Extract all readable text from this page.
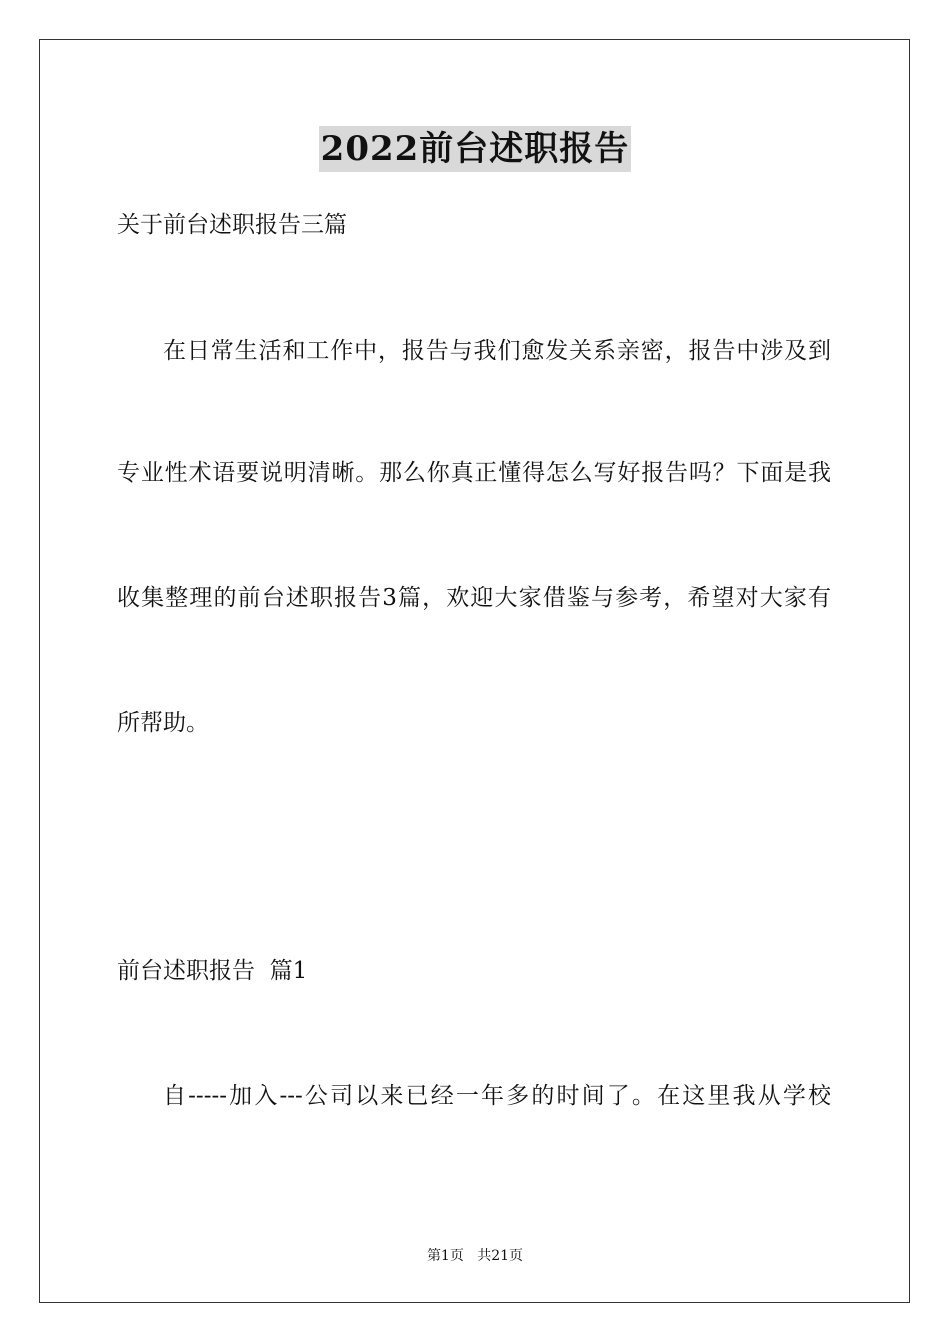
2022前台述职报告

关于前台述职报告三篇

在日常生活和工作中，报告与我们愈发关系亲密，报告中涉及到

专业性术语要说明清晰。那么你真正懂得怎么写好报告吗？下面是我

收集整理的前台述职报告3篇，欢迎大家借鉴与参考，希望对大家有

所帮助。

前台述职报告  篇1

自-----加入---公司以来已经一年多的时间了。在这里我从学校

第1页 共21页
